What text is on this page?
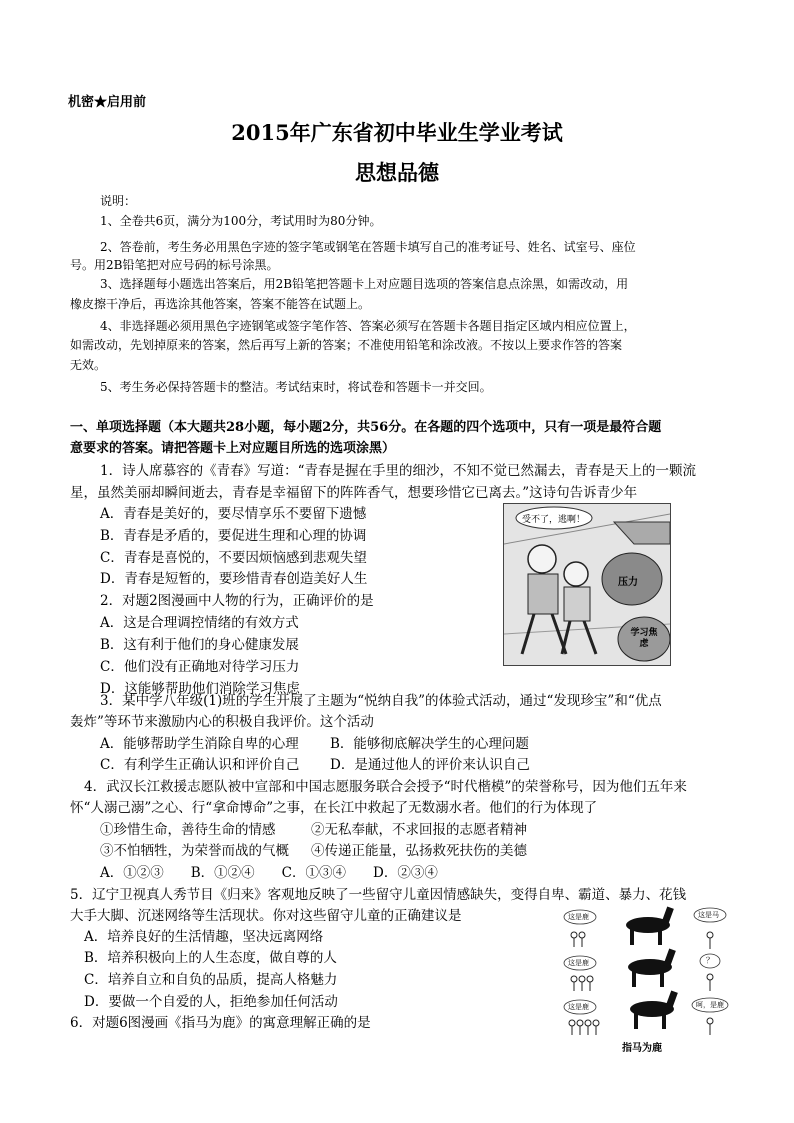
机密★启用前
2015年广东省初中毕业生学业考试
思想品德
说明：
1、全卷共6页，满分为100分，考试用时为80分钟。
2、答卷前，考生务必用黑色字迹的签字笔或钢笔在答题卡填写自己的准考证号、姓名、试室号、座位
号。用2B铅笔把对应号码的标号涂黑。
3、选择题每小题选出答案后，用2B铅笔把答题卡上对应题目选项的答案信息点涂黑，如需改动，用
橡皮擦干净后，再选涂其他答案，答案不能答在试题上。
4、非选择题必须用黑色字迹钢笔或签字笔作答、答案必须写在答题卡各题目指定区域内相应位置上，
如需改动，先划掉原来的答案，然后再写上新的答案；不准使用铅笔和涂改液。不按以上要求作答的答案
无效。
5、考生务必保持答题卡的整洁。考试结束时，将试卷和答题卡一并交回。
一、单项选择题（本大题共28小题，每小题2分，共56分。在各题的四个选项中，只有一项是最符合题
意要求的答案。请把答题卡上对应题目所选的选项涂黑）
1．诗人席慕容的《青春》写道：“青春是握在手里的细沙，不知不觉已然漏去，青春是天上的一颗流
星，虽然美丽却瞬间逝去，青春是幸福留下的阵阵香气，想要珍惜它已离去。”这诗句告诉青少年
A．青春是美好的，要尽情享乐不要留下遗憾
B．青春是矛盾的，要促进生理和心理的协调
C．青春是喜悦的，不要因烦恼感到悲观失望
D．青春是短暂的，要珍惜青春创造美好人生
2．对题2图漫画中人物的行为，正确评价的是
A．这是合理调控情绪的有效方式
B．这有利于他们的身心健康发展
C．他们没有正确地对待学习压力
D．这能够帮助他们消除学习焦虑
受不了，逃啊！
压力
学习焦虑
3．某中学八年级(1)班的学生开展了主题为“悦纳自我”的体验式活动，通过“发现珍宝”和“优点
轰炸”等环节来激励内心的积极自我评价。这个活动
A．能够帮助学生消除自卑的心理 B．能够彻底解决学生的心理问题
C．有利学生正确认识和评价自己 D．是通过他人的评价来认识自己
4．武汉长江救援志愿队被中宣部和中国志愿服务联合会授予“时代楷模”的荣誉称号，因为他们五年来
怀“人溺己溺”之心、行“拿命博命”之事，在长江中救起了无数溺水者。他们的行为体现了
①珍惜生命，善待生命的情感	②无私奉献，不求回报的志愿者精神
③不怕牺牲，为荣誉而战的气概 ④传递正能量，弘扬救死扶伤的美德
A．①②③　　B．①②④　　C．①③④　　D．②③④
5．辽宁卫视真人秀节目《归来》客观地反映了一些留守儿童因情感缺失，变得自卑、霸道、暴力、花钱
大手大脚、沉迷网络等生活现状。你对这些留守儿童的正确建议是
A．培养良好的生活情趣，坚决远离网络
B．培养积极向上的人生态度，做自尊的人
C．培养自立和自负的品质，提高人格魅力
D．要做一个自爱的人，拒绝参加任何活动
6．对题6图漫画《指马为鹿》的寓意理解正确的是
这是鹿	这是马
这是鹿	？
这是鹿	呵，是鹿
指马为鹿
